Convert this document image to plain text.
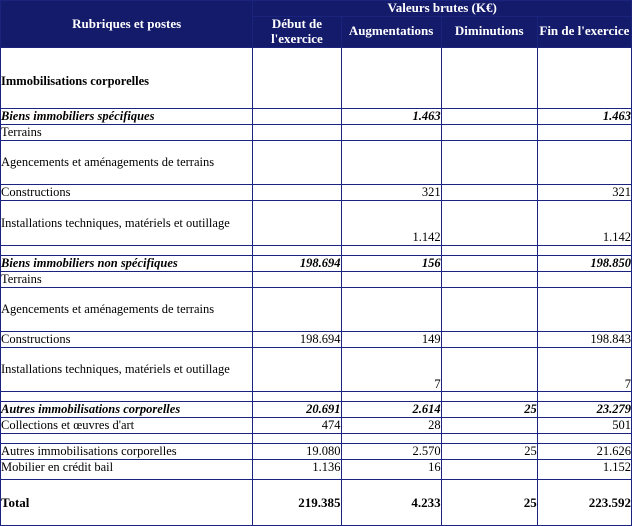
Rubriques et postes	Valeurs brutes (K€)			
	Début de l'exercice	Augmentations	Diminutions	Fin de l'exercice
Immobilisations corporelles				
Biens immobiliers spécifiques		1.463		1.463
Terrains				
Agencements et aménagements de terrains				
Constructions		321		321
Installations techniques, matériels et outillage		1.142		1.142

Biens immobiliers non spécifiques	198.694	156		198.850
Terrains				
Agencements et aménagements de terrains				
Constructions	198.694	149		198.843
Installations techniques, matériels et outillage		7		7

Autres immobilisations corporelles	20.691	2.614	25	23.279
Collections et œuvres d'art	474	28		501

Autres immobilisations corporelles	19.080	2.570	25	21.626
Mobilier en crédit bail	1.136	16		1.152
Total	219.385	4.233	25	223.592
